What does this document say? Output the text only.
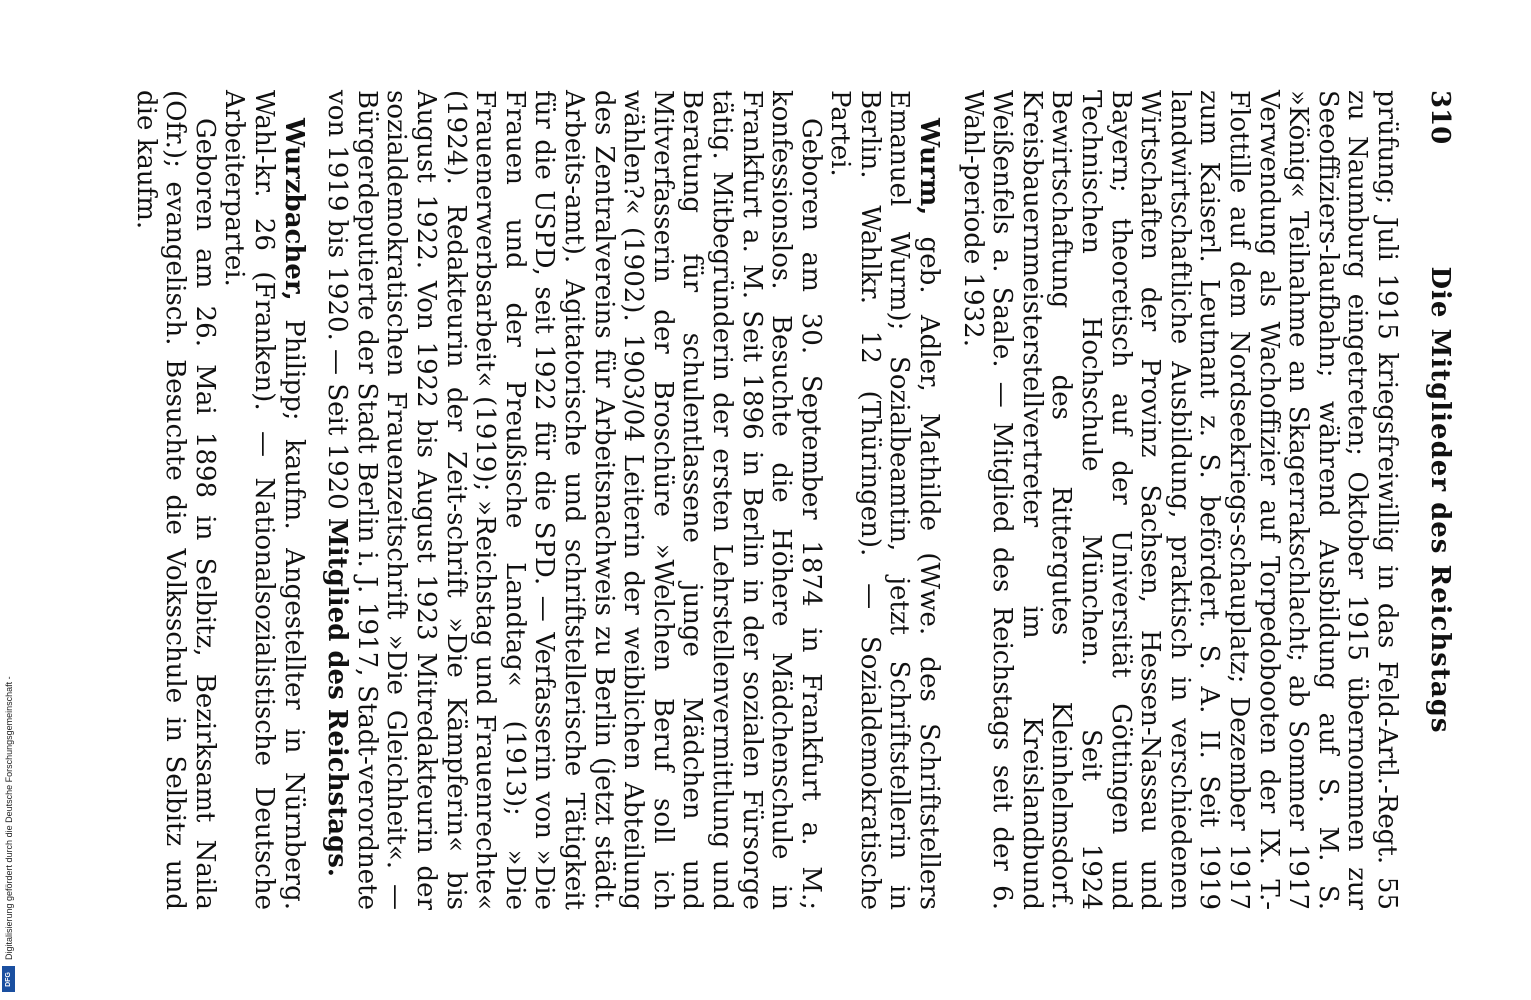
310
Die Mitglieder des Reichstags

prüfung; Juli 1915 kriegsfreiwillig in das Feld-Artl.-Regt. 55 zu Naumburg eingetreten; Oktober 1915 übernommen zur Seeoffiziers-laufbahn; während Ausbildung auf S. M. S. »König« Teilnahme an Skagerrakschlacht; ab Sommer 1917 Verwendung als Wachoffizier auf Torpedobooten der IX. T.-Flottille auf dem Nordseekriegs-schauplatz; Dezember 1917 zum Kaiserl. Leutnant z. S. befördert. S. A. II. Seit 1919 landwirtschaftliche Ausbildung, praktisch in verschiedenen Wirtschaften der Provinz Sachsen, Hessen-Nassau und Bayern; theoretisch auf der Universität Göttingen und Technischen Hochschule München. Seit 1924 Bewirtschaftung des Rittergutes Kleinhelmsdorf. Kreisbauernmeisterstellvertreter im Kreislandbund Weißenfels a. Saale. — Mitglied des Reichstags seit der 6. Wahl-periode 1932.

Wurm, geb. Adler, Mathilde (Wwe. des Schriftstellers Emanuel Wurm); Sozialbeamtin, jetzt Schriftstellerin in Berlin. Wahlkr. 12 (Thüringen). — Sozialdemokratische Partei.

Geboren am 30. September 1874 in Frankfurt a. M.; konfessionslos. Besuchte die Höhere Mädchenschule in Frankfurt a. M. Seit 1896 in Berlin in der sozialen Fürsorge tätig. Mitbegründerin der ersten Lehrstellenvermittlung und Beratung für schulentlassene junge Mädchen und Mitverfasserin der Broschüre »Welchen Beruf soll ich wählen?« (1902). 1903/04 Leiterin der weiblichen Abteilung des Zentralvereins für Arbeitsnachweis zu Berlin (jetzt städt. Arbeits-amt). Agitatorische und schriftstellerische Tätigkeit für die USPD, seit 1922 für die SPD. — Verfasserin von »Die Frauen und der Preußische Landtag« (1913); »Die Frauenerwerbsarbeit« (1919); »Reichstag und Frauenrechte« (1924). Redakteurin der Zeit-schrift »Die Kämpferin« bis August 1922. Von 1922 bis August 1923 Mitredakteurin der sozialdemokratischen Frauenzeitschrift »Die Gleichheit«. — Bürgerdeputierte der Stadt Berlin i. J. 1917, Stadt-verordnete von 1919 bis 1920. — Seit 1920 Mitglied des Reichstags.

Wurzbacher, Philipp; kaufm. Angestellter in Nürnberg. Wahl-kr. 26 (Franken). — Nationalsozialistische Deutsche Arbeiterpartei.

Geboren am 26. Mai 1898 in Selbitz, Bezirksamt Naila (Ofr.); evangelisch. Besuchte die Volksschule in Selbitz und die kaufm.

Digitalisierung gefördert durch die Deutsche Forschungsgemeinschaft -
DFG
